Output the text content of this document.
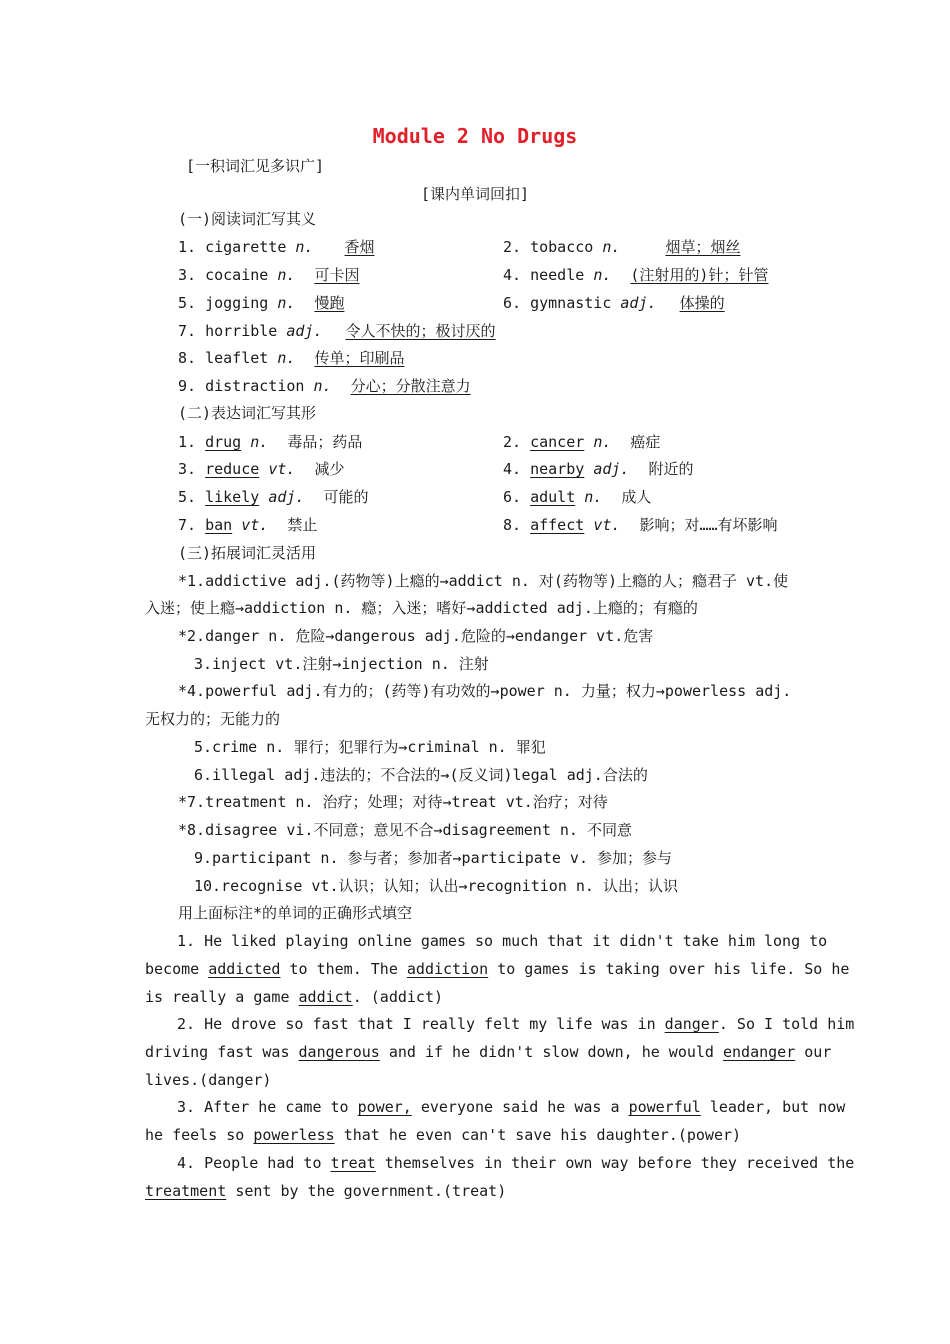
Module 2 No Drugs
[一积词汇见多识广]
[课内单词回扣]
(一)阅读词汇写其义
1. cigarette n. 香烟	2. tobacco n.	烟草；烟丝
3. cocaine n. 可卡因	4. needle n. (注射用的)针；针管
5. jogging n. 慢跑	6. gymnastic adj. 体操的
7. horrible adj. 令人不快的；极讨厌的
8. leaflet n. 传单；印刷品
9. distraction n. 分心；分散注意力
(二)表达词汇写其形
1. drug n. 毒品；药品	2. cancer n. 癌症
3. reduce vt. 减少	4. nearby adj. 附近的
5. likely adj. 可能的	6. adult n. 成人
7. ban vt. 禁止	8. affect vt. 影响；对……有坏影响
(三)拓展词汇灵活用
*1.addictive adj.(药物等)上瘾的→addict n. 对(药物等)上瘾的人；瘾君子 vt.使
入迷；使上瘾→addiction n. 瘾；入迷；嗜好→addicted adj.上瘾的；有瘾的
*2.danger n. 危险→dangerous adj.危险的→endanger vt.危害
3.inject vt.注射→injection n. 注射
*4.powerful adj.有力的；(药等)有功效的→power n. 力量；权力→powerless adj.
无权力的；无能力的
5.crime n. 罪行；犯罪行为→criminal n. 罪犯
6.illegal adj.违法的；不合法的→(反义词)legal adj.合法的
*7.treatment n. 治疗；处理；对待→treat vt.治疗；对待
*8.disagree vi.不同意；意见不合→disagreement n. 不同意
9.participant n. 参与者；参加者→participate v. 参加；参与
10.recognise vt.认识；认知；认出→recognition n. 认出；认识
用上面标注*的单词的正确形式填空
1. He liked playing online games so much that it didn't take him long to
become addicted to them. The addiction to games is taking over his life. So he
is really a game addict. (addict)
2. He drove so fast that I really felt my life was in danger. So I told him
driving fast was dangerous and if he didn't slow down, he would endanger our
lives.(danger)
3. After he came to power, everyone said he was a powerful leader, but now
he feels so powerless that he even can't save his daughter.(power)
4. People had to treat themselves in their own way before they received the
treatment sent by the government.(treat)
